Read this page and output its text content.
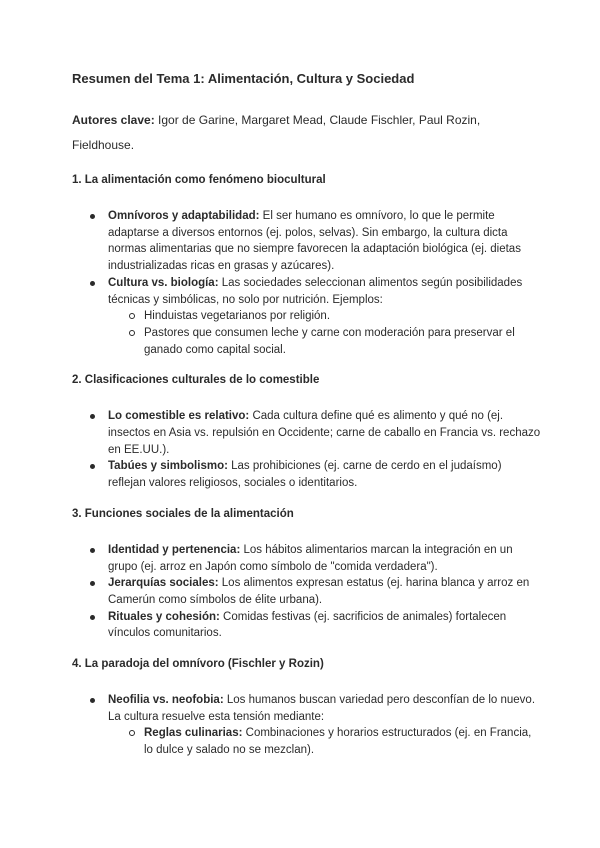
Resumen del Tema 1: Alimentación, Cultura y Sociedad
Autores clave: Igor de Garine, Margaret Mead, Claude Fischler, Paul Rozin, Fieldhouse.
1. La alimentación como fenómeno biocultural
Omnívoros y adaptabilidad: El ser humano es omnívoro, lo que le permite adaptarse a diversos entornos (ej. polos, selvas). Sin embargo, la cultura dicta normas alimentarias que no siempre favorecen la adaptación biológica (ej. dietas industrializadas ricas en grasas y azúcares).
Cultura vs. biología: Las sociedades seleccionan alimentos según posibilidades técnicas y simbólicas, no solo por nutrición. Ejemplos:
Hinduistas vegetarianos por religión.
Pastores que consumen leche y carne con moderación para preservar el ganado como capital social.
2. Clasificaciones culturales de lo comestible
Lo comestible es relativo: Cada cultura define qué es alimento y qué no (ej. insectos en Asia vs. repulsión en Occidente; carne de caballo en Francia vs. rechazo en EE.UU.).
Tabúes y simbolismo: Las prohibiciones (ej. carne de cerdo en el judaísmo) reflejan valores religiosos, sociales o identitarios.
3. Funciones sociales de la alimentación
Identidad y pertenencia: Los hábitos alimentarios marcan la integración en un grupo (ej. arroz en Japón como símbolo de "comida verdadera").
Jerarquías sociales: Los alimentos expresan estatus (ej. harina blanca y arroz en Camerún como símbolos de élite urbana).
Rituales y cohesión: Comidas festivas (ej. sacrificios de animales) fortalecen vínculos comunitarios.
4. La paradoja del omnívoro (Fischler y Rozin)
Neofilia vs. neofobia: Los humanos buscan variedad pero desconfían de lo nuevo. La cultura resuelve esta tensión mediante:
Reglas culinarias: Combinaciones y horarios estructurados (ej. en Francia, lo dulce y salado no se mezclan).
